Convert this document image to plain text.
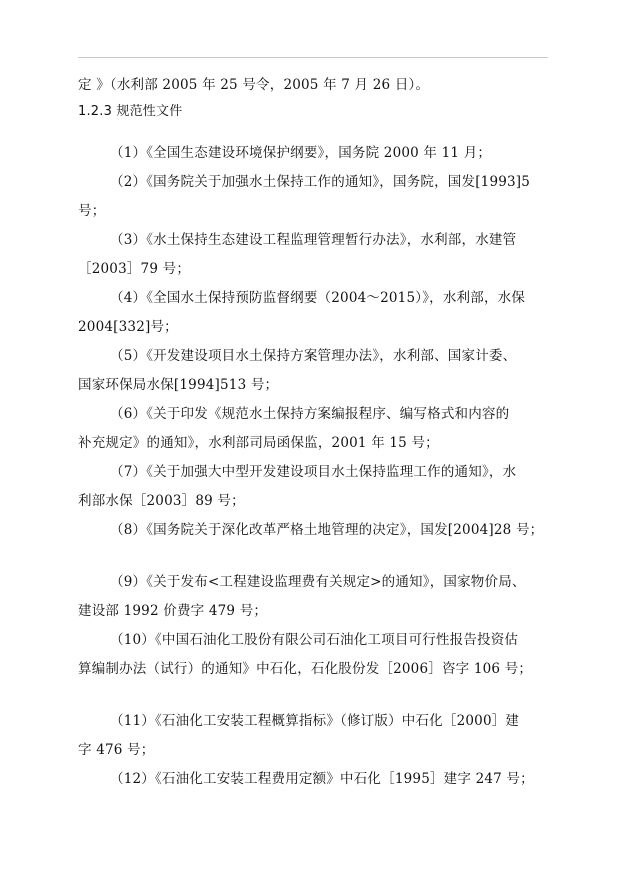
定 》（水利部 2005 年 25 号令，2005 年 7 月 26 日）。
1.2.3 规范性文件
（1）《全国生态建设环境保护纲要》，国务院 2000 年 11 月；
（2）《国务院关于加强水土保持工作的通知》，国务院，国发[1993]5
号；
（3）《水土保持生态建设工程监理管理暂行办法》，水利部，水建管
［2003］79 号；
（4）《全国水土保持预防监督纲要（2004～2015）》，水利部，水保
2004[332]号；
（5）《开发建设项目水土保持方案管理办法》，水利部、国家计委、
国家环保局水保[1994]513 号；
（6）《关于印发《规范水土保持方案编报程序、编写格式和内容的
补充规定》的通知》，水利部司局函保监，2001 年 15 号；
（7）《关于加强大中型开发建设项目水土保持监理工作的通知》，水
利部水保［2003］89 号；
（8）《国务院关于深化改革严格土地管理的决定》，国发[2004]28 号；
（9）《关于发布<工程建设监理费有关规定>的通知》，国家物价局、
建设部 1992 价费字 479 号；
（10）《中国石油化工股份有限公司石油化工项目可行性报告投资估
算编制办法（试行）的通知》中石化，石化股份发［2006］咨字 106 号；
（11）《石油化工安装工程概算指标》（修订版）中石化［2000］建
字 476 号；
（12）《石油化工安装工程费用定额》中石化［1995］建字 247 号；
